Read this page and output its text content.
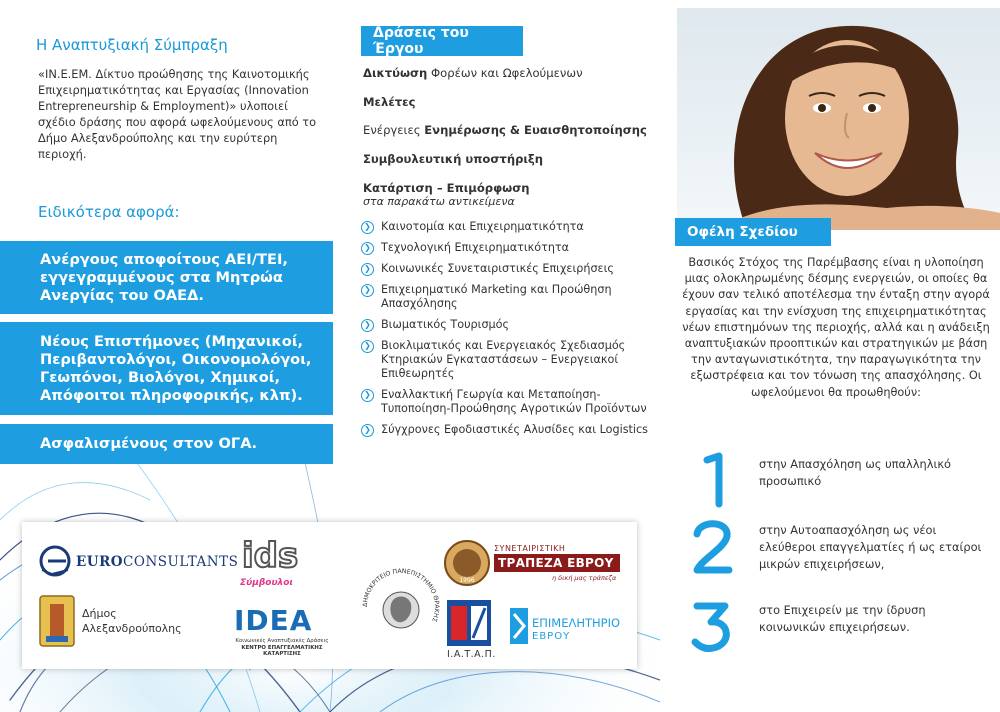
Η Αναπτυξιακή Σύμπραξη
«IN.E.EM. Δίκτυο προώθησης της Καινοτομικής Επιχειρηματικότητας και Εργασίας (Innovation Entrepreneurship & Employment)» υλοποιεί σχέδιο δράσης που αφορά ωφελούμενους από το Δήμο Αλεξανδρούπολης και την ευρύτερη περιοχή.
Ειδικότερα αφορά:
Ανέργους αποφοίτους ΑΕΙ/ΤΕΙ, εγγεγραμμένους στα Μητρώα Ανεργίας του ΟΑΕΔ.
Νέους Επιστήμονες (Μηχανικοί, Περιβαντολόγοι, Οικονομολόγοι, Γεωπόνοι, Βιολόγοι, Χημικοί, Απόφοιτοι πληροφορικής, κλπ).
Ασφαλισμένους στον ΟΓΑ.
Δράσεις του Έργου
Δικτύωση Φορέων και Ωφελούμενων
Μελέτες
Ενέργειες Ενημέρωσης & Ευαισθητοποίησης
Συμβουλευτική υποστήριξη
Κατάρτιση – Επιμόρφωση
στα παρακάτω αντικείμενα
❯ Καινοτομία και Επιχειρηματικότητα
❯ Τεχνολογική Επιχειρηματικότητα
❯ Κοινωνικές Συνεταιριστικές Επιχειρήσεις
❯ Επιχειρηματικό Marketing και Προώθηση Απασχόλησης
❯ Βιωματικός Τουρισμός
❯ Βιοκλιματικός και Ενεργειακός Σχεδιασμός Κτηριακών Εγκαταστάσεων – Ενεργειακοί Επιθεωρητές
❯ Εναλλακτική Γεωργία και Μεταποίηση-Τυποποίηση-Προώθησης Αγροτικών Προϊόντων
❯ Σύγχρονες Εφοδιαστικές Αλυσίδες και Logistics
Οφέλη Σχεδίου
Βασικός Στόχος της Παρέμβασης είναι η υλοποίηση μιας ολοκληρωμένης δέσμης ενεργειών, οι οποίες θα έχουν σαν τελικό αποτέλεσμα την ένταξη στην αγορά εργασίας και την ενίσχυση της επιχειρηματικότητας νέων επιστημόνων της περιοχής, αλλά και η ανάδειξη αναπτυξιακών προοπτικών και στρατηγικών με βάση την ανταγωνιστικότητα, την παραγωγικότητα την εξωστρέφεια και τον τόνωση της απασχόλησης. Οι ωφελούμενοι θα προωθηθούν:
στην Απασχόληση ως υπαλληλικό προσωπικό
στην Αυτοαπασχόληση ως νέοι ελεύθεροι επαγγελματίες ή ως εταίροι μικρών επιχειρήσεων,
στο Επιχειρείν με την ίδρυση κοινωνικών επιχειρήσεων.
EUROCONSULTANTS
Δήμος
Αλεξανδρούπολης
ids
Σύμβουλοι
IDEA
Κοινωνικές Αναπτυξιακές Δράσεις
ΚΕΝΤΡΟ ΕΠΑΓΓΕΛΜΑΤΙΚΗΣ ΚΑΤΑΡΤΙΣΗΣ
ΔΗΜΟΚΡΙΤΕΙΟ ΠΑΝΕΠΙΣΤΗΜΙΟ ΘΡΑΚΗΣ
1996
ΣΥΝΕΤΑΙΡΙΣΤΙΚΗ
ΤΡΑΠΕΖΑ ΕΒΡΟΥ
η δική μας τράπεζα
Ι.Α.Τ.Α.Π.
ΕΠΙΜΕΛΗΤΗΡΙΟ
ΕΒΡΟΥ
